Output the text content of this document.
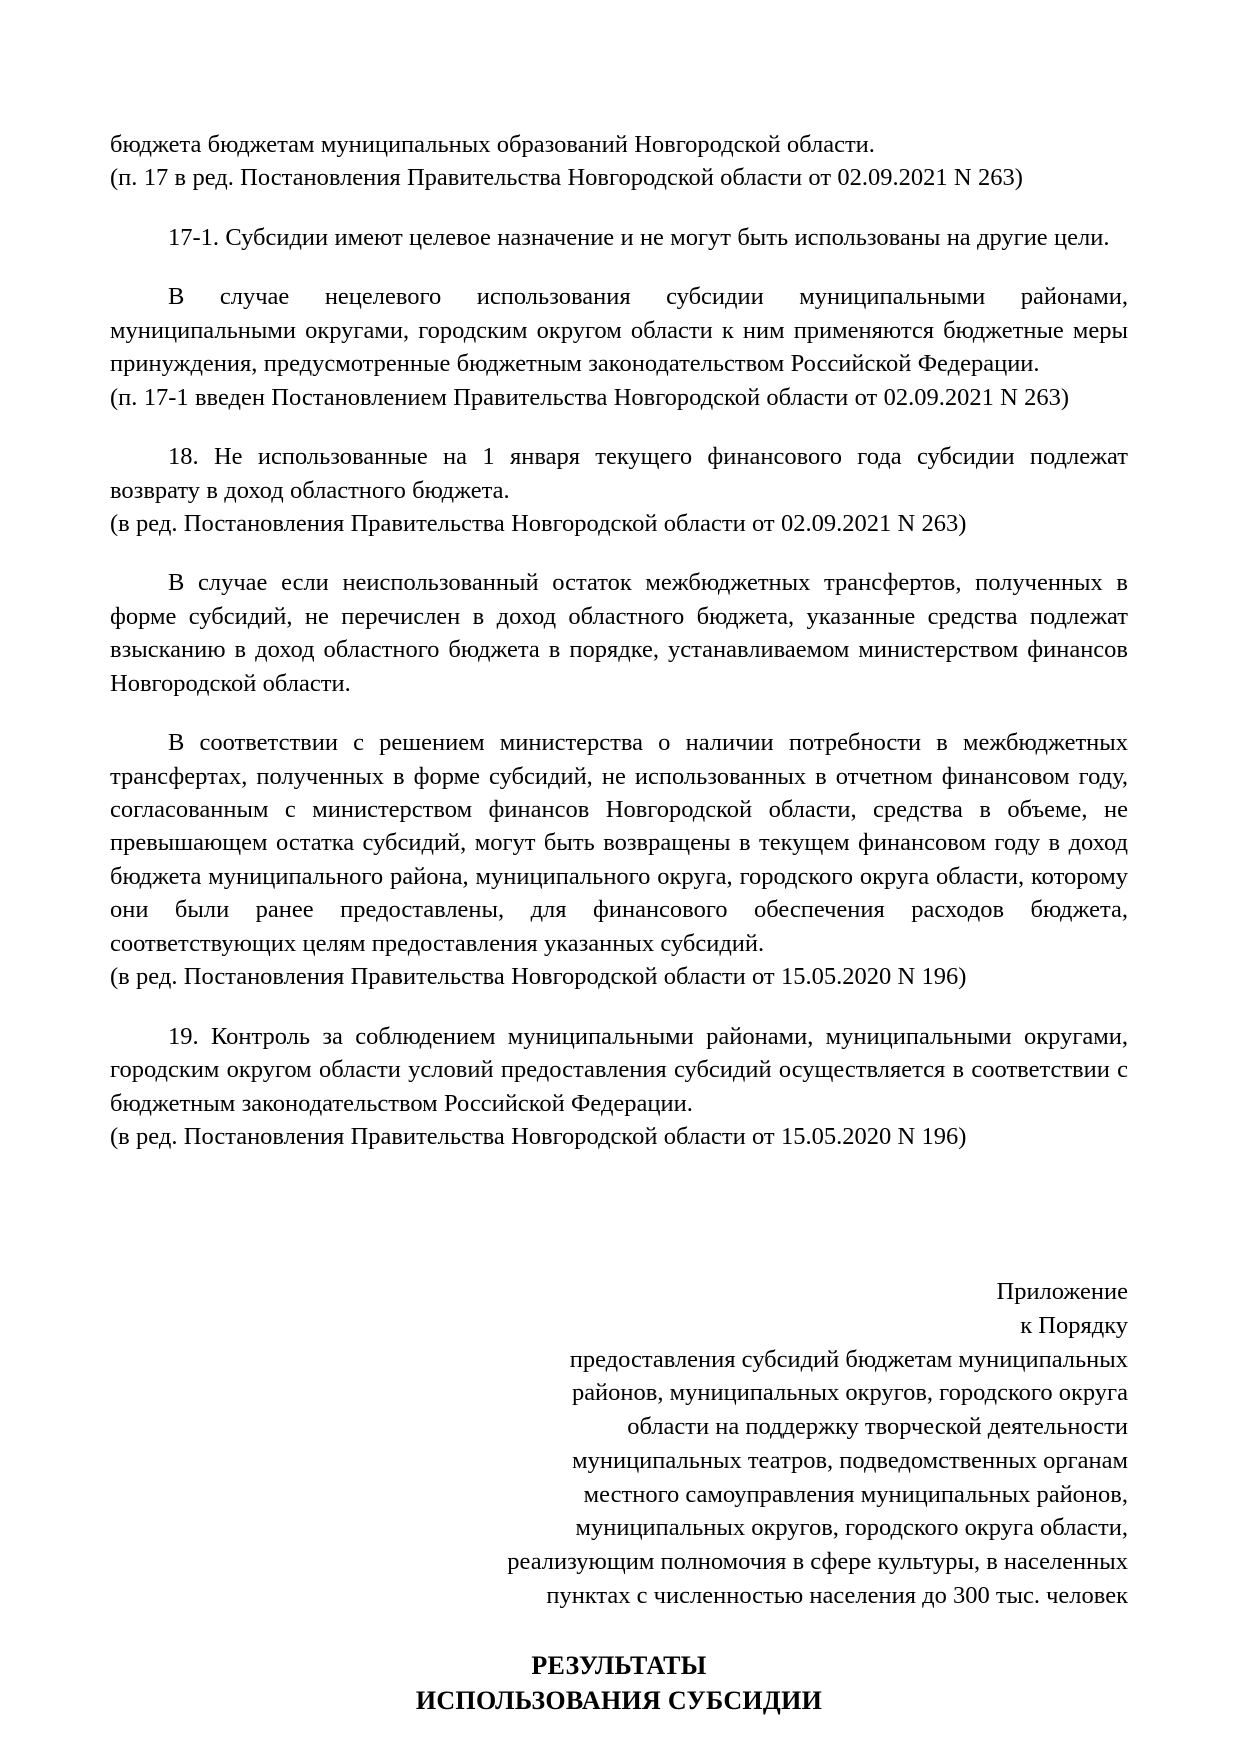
бюджета бюджетам муниципальных образований Новгородской области.

(п. 17 в ред. Постановления Правительства Новгородской области от 02.09.2021 N 263)

17-1. Субсидии имеют целевое назначение и не могут быть использованы на другие цели.

В случае нецелевого использования субсидии муниципальными районами, муниципальными округами, городским округом области к ним применяются бюджетные меры принуждения, предусмотренные бюджетным законодательством Российской Федерации.

(п. 17-1 введен Постановлением Правительства Новгородской области от 02.09.2021 N 263)

18. Не использованные на 1 января текущего финансового года субсидии подлежат возврату в доход областного бюджета.

(в ред. Постановления Правительства Новгородской области от 02.09.2021 N 263)

В случае если неиспользованный остаток межбюджетных трансфертов, полученных в форме субсидий, не перечислен в доход областного бюджета, указанные средства подлежат взысканию в доход областного бюджета в порядке, устанавливаемом министерством финансов Новгородской области.

В соответствии с решением министерства о наличии потребности в межбюджетных трансфертах, полученных в форме субсидий, не использованных в отчетном финансовом году, согласованным с министерством финансов Новгородской области, средства в объеме, не превышающем остатка субсидий, могут быть возвращены в текущем финансовом году в доход бюджета муниципального района, муниципального округа, городского округа области, которому они были ранее предоставлены, для финансового обеспечения расходов бюджета, соответствующих целям предоставления указанных субсидий.

(в ред. Постановления Правительства Новгородской области от 15.05.2020 N 196)

19. Контроль за соблюдением муниципальными районами, муниципальными округами, городским округом области условий предоставления субсидий осуществляется в соответствии с бюджетным законодательством Российской Федерации.

(в ред. Постановления Правительства Новгородской области от 15.05.2020 N 196)

Приложение
к Порядку
предоставления субсидий бюджетам муниципальных
районов, муниципальных округов, городского округа
области на поддержку творческой деятельности
муниципальных театров, подведомственных органам
местного самоуправления муниципальных районов,
муниципальных округов, городского округа области,
реализующим полномочия в сфере культуры, в населенных
пунктах с численностью населения до 300 тыс. человек
РЕЗУЛЬТАТЫ
ИСПОЛЬЗОВАНИЯ СУБСИДИИ
